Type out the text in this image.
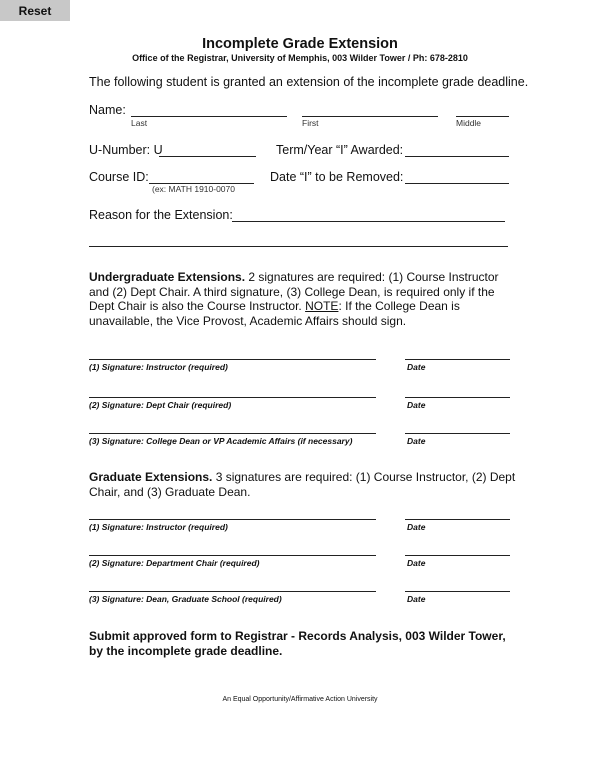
Reset
Incomplete Grade Extension
Office of the Registrar, University of Memphis, 003 Wilder Tower / Ph: 678-2810
The following student is granted an extension of the incomplete grade deadline.
Name:
Last	First	Middle
U-Number: U	Term/Year “I” Awarded:
Course ID:
(ex: MATH 1910-0070
Date “I” to be Removed:
Reason for the Extension:
Undergraduate Extensions. 2 signatures are required: (1) Course Instructor and (2) Dept Chair. A third signature, (3) College Dean, is required only if the Dept Chair is also the Course Instructor. NOTE: If the College Dean is unavailable, the Vice Provost, Academic Affairs should sign.
Graduate Extensions. 3 signatures are required: (1) Course Instructor, (2) Dept Chair, and (3) Graduate Dean.
Submit approved form to Registrar - Records Analysis, 003 Wilder Tower, by the incomplete grade deadline.
An Equal Opportunity/Affirmative Action University
(1) Signature: Instructor (required)	Date
(2) Signature: Dept Chair (required)	Date
(3) Signature: College Dean or VP Academic Affairs (if necessary)	Date
(1) Signature: Instructor (required)	Date
(2) Signature: Department Chair (required)	Date
(3) Signature: Dean, Graduate School (required)	Date
